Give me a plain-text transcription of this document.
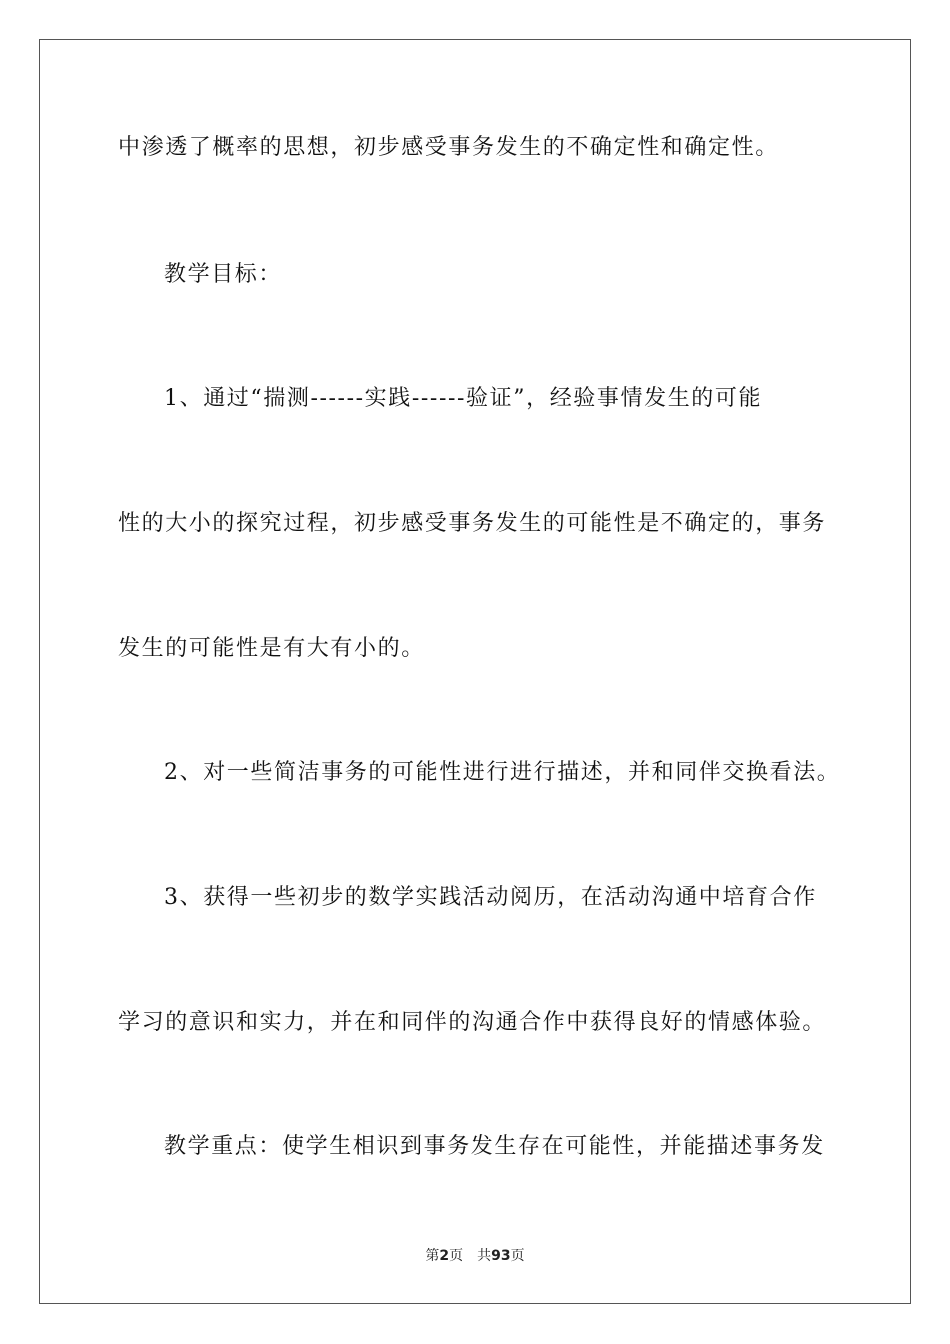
中渗透了概率的思想，初步感受事务发生的不确定性和确定性。
教学目标：
1、通过“揣测------实践------验证”，经验事情发生的可能
性的大小的探究过程，初步感受事务发生的可能性是不确定的，事务
发生的可能性是有大有小的。
2、对一些简洁事务的可能性进行进行描述，并和同伴交换看法。
3、获得一些初步的数学实践活动阅历，在活动沟通中培育合作
学习的意识和实力，并在和同伴的沟通合作中获得良好的情感体验。
教学重点：使学生相识到事务发生存在可能性，并能描述事务发
第2页 共93页
